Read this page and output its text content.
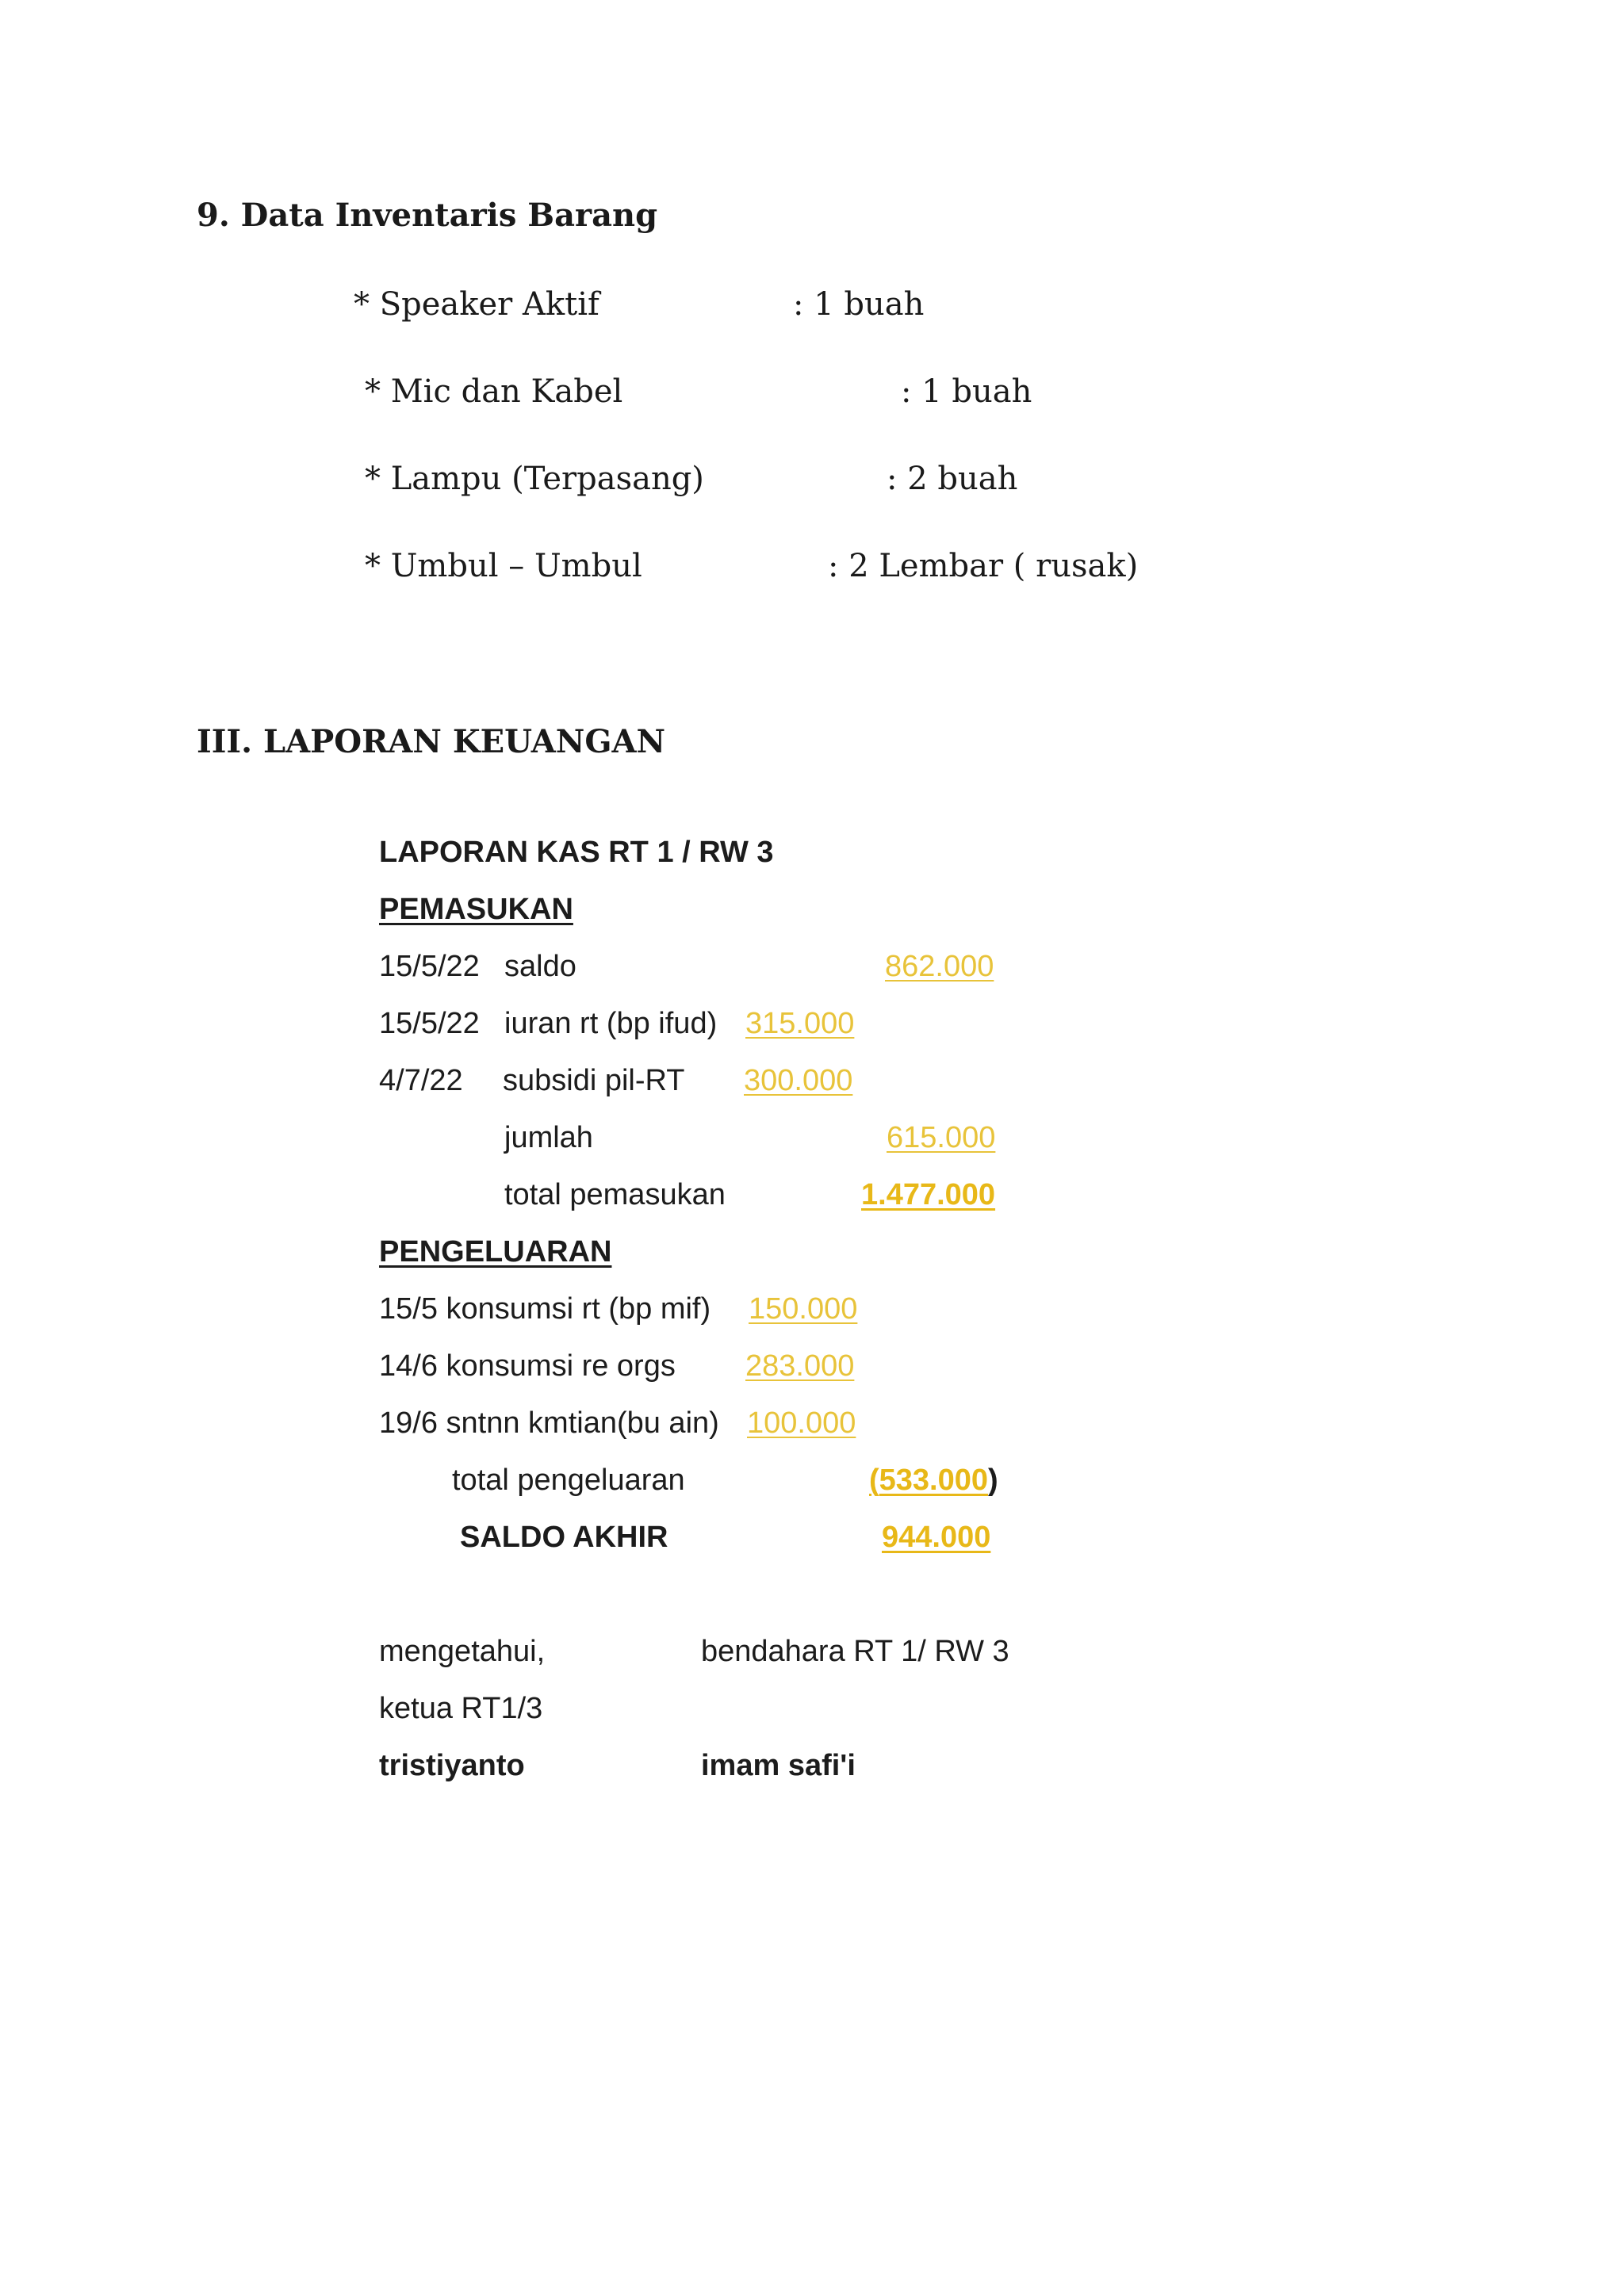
9. Data Inventaris Barang
* Speaker Aktif	: 1 buah
* Mic dan Kabel	: 1 buah
* Lampu (Terpasang)	: 2 buah
* Umbul – Umbul	: 2 Lembar ( rusak)
III. LAPORAN KEUANGAN
LAPORAN KAS RT 1 / RW 3
PEMASUKAN
15/5/22 saldo	862.000
15/5/22 iuran rt (bp ifud) 315.000
4/7/22 subsidi pil-RT 300.000
jumlah	615.000
total pemasukan	1.477.000
PENGELUARAN
15/5 konsumsi rt (bp mif) 150.000
14/6 konsumsi re orgs 283.000
19/6 sntnn kmtian(bu ain) 100.000
total pengeluaran	(533.000)
SALDO AKHIR	944.000
mengetahui,	bendahara RT 1/ RW 3
ketua RT1/3
tristiyanto	imam safi'i
